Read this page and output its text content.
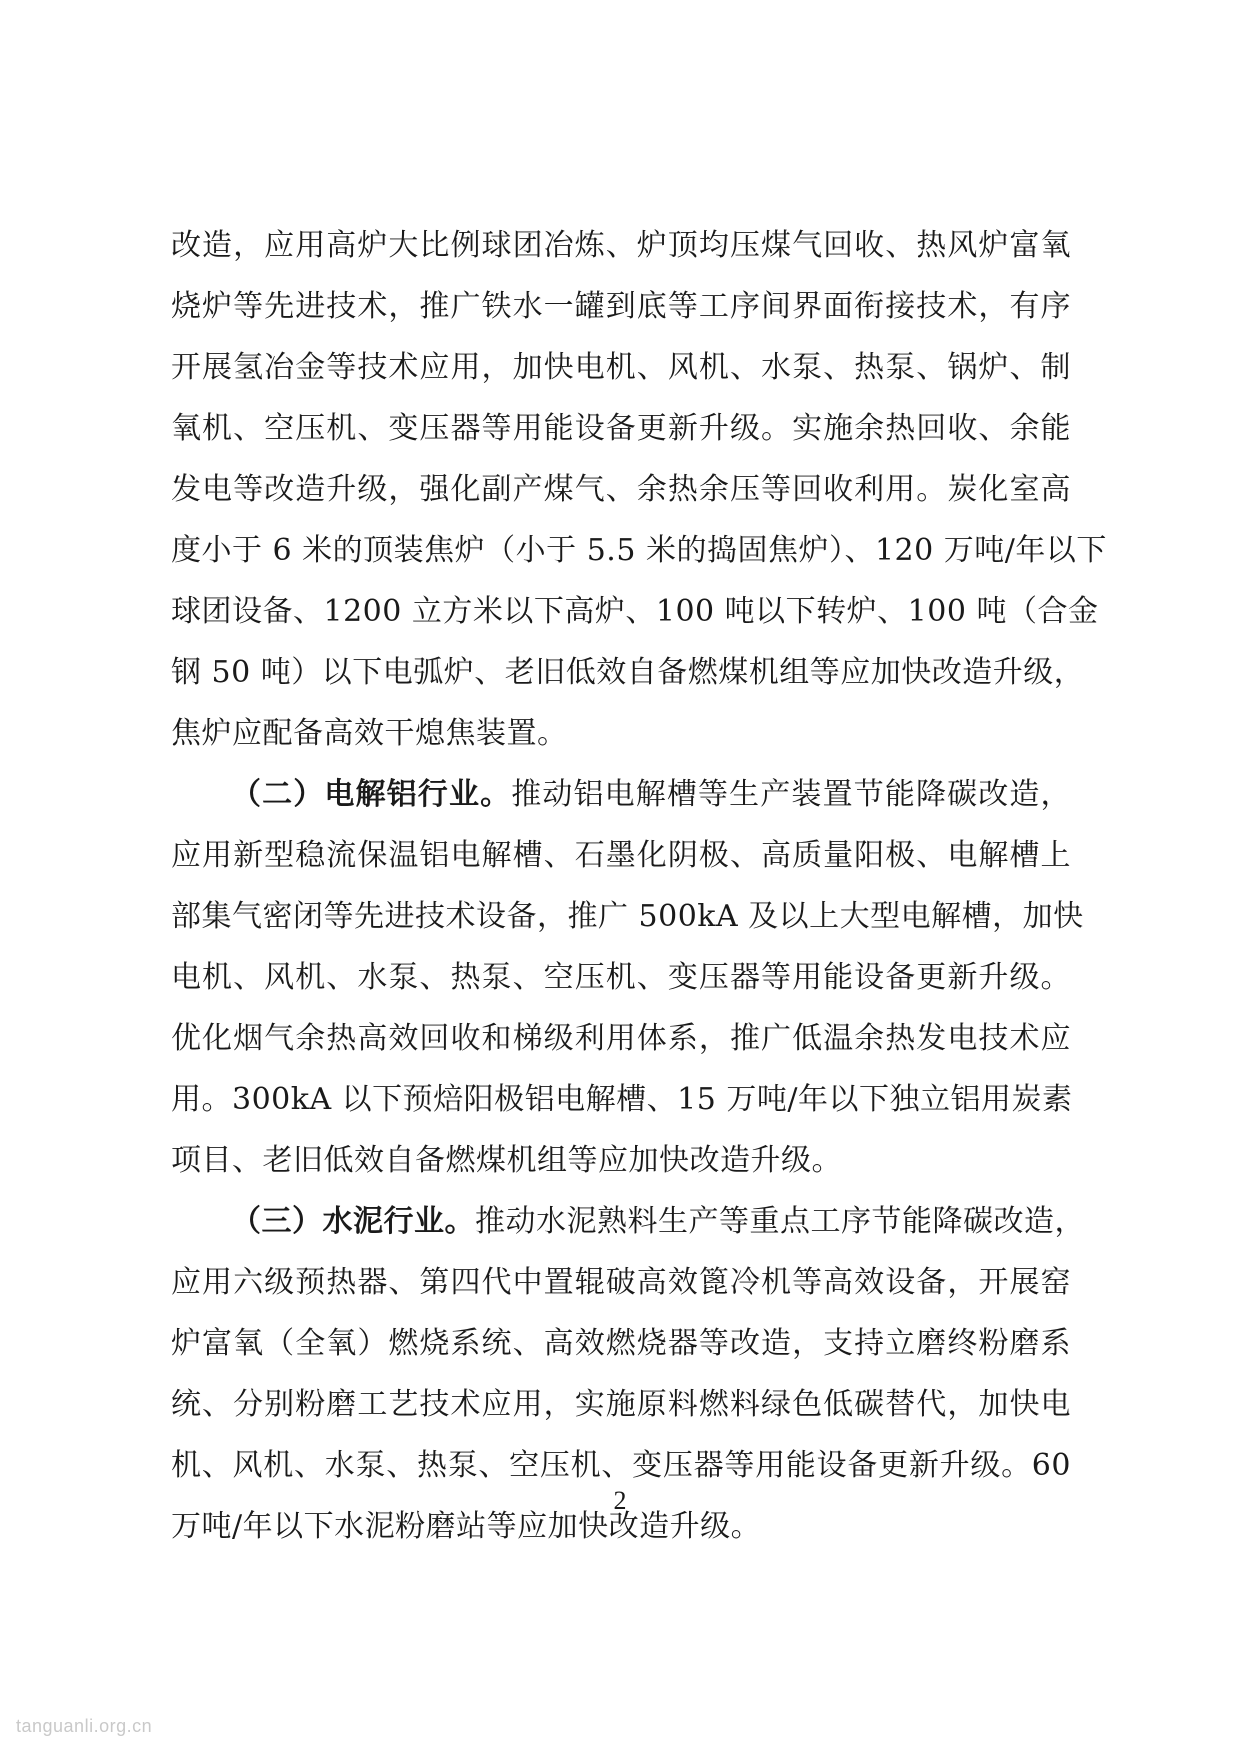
改造，应用高炉大比例球团冶炼、炉顶均压煤气回收、热风炉富氧
烧炉等先进技术，推广铁水一罐到底等工序间界面衔接技术，有序
开展氢冶金等技术应用，加快电机、风机、水泵、热泵、锅炉、制
氧机、空压机、变压器等用能设备更新升级。实施余热回收、余能
发电等改造升级，强化副产煤气、余热余压等回收利用。炭化室高
度小于 6 米的顶装焦炉（小于 5.5 米的捣固焦炉）、120 万吨/年以下
球团设备、1200 立方米以下高炉、100 吨以下转炉、100 吨（合金
钢 50 吨）以下电弧炉、老旧低效自备燃煤机组等应加快改造升级，
焦炉应配备高效干熄焦装置。
（二）电解铝行业。推动铝电解槽等生产装置节能降碳改造，
应用新型稳流保温铝电解槽、石墨化阴极、高质量阳极、电解槽上
部集气密闭等先进技术设备，推广 500kA 及以上大型电解槽，加快
电机、风机、水泵、热泵、空压机、变压器等用能设备更新升级。
优化烟气余热高效回收和梯级利用体系，推广低温余热发电技术应
用。300kA 以下预焙阳极铝电解槽、15 万吨/年以下独立铝用炭素
项目、老旧低效自备燃煤机组等应加快改造升级。
（三）水泥行业。推动水泥熟料生产等重点工序节能降碳改造，
应用六级预热器、第四代中置辊破高效篦冷机等高效设备，开展窑
炉富氧（全氧）燃烧系统、高效燃烧器等改造，支持立磨终粉磨系
统、分别粉磨工艺技术应用，实施原料燃料绿色低碳替代，加快电
机、风机、水泵、热泵、空压机、变压器等用能设备更新升级。60
万吨/年以下水泥粉磨站等应加快改造升级。
2
tanguanli.org.cn
